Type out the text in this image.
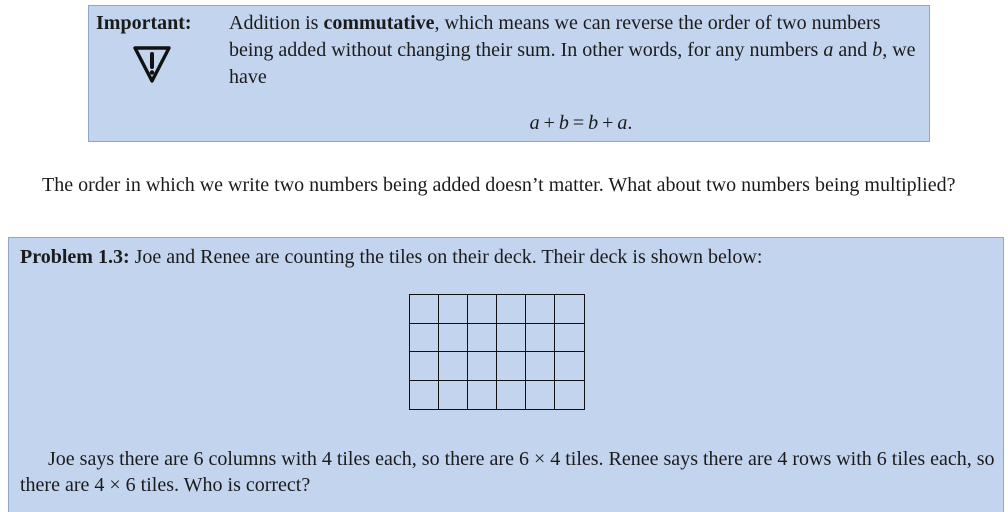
Important: Addition is commutative, which means we can reverse the order of two numbers being added without changing their sum. In other words, for any numbers a and b, we have
a + b = b + a.
The order in which we write two numbers being added doesn’t matter. What about two numbers being multiplied?
Problem 1.3: Joe and Renee are counting the tiles on their deck. Their deck is shown below:
Joe says there are 6 columns with 4 tiles each, so there are 6 × 4 tiles. Renee says there are 4 rows with 6 tiles each, so there are 4 × 6 tiles. Who is correct?
